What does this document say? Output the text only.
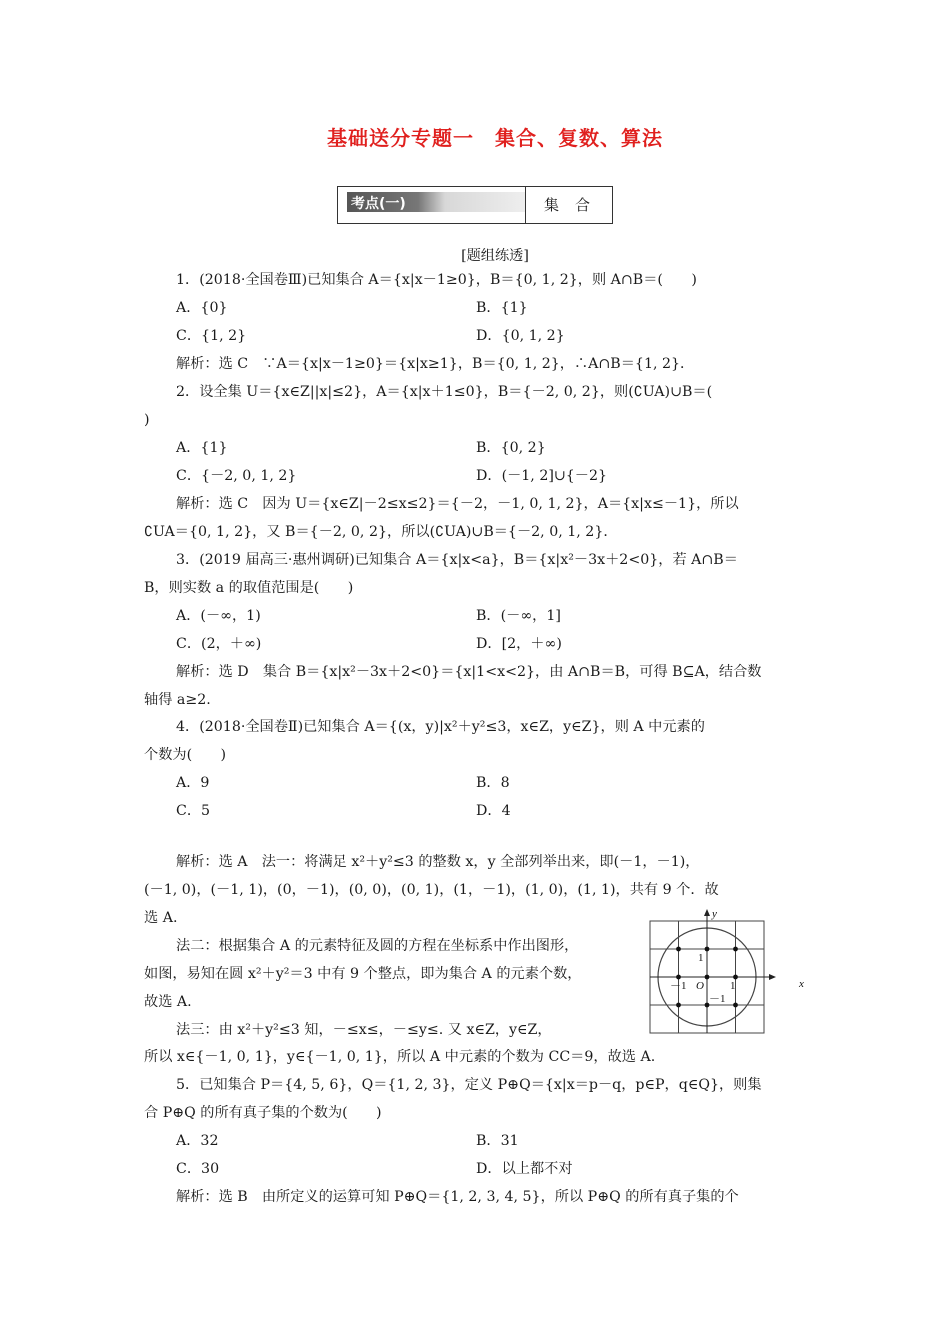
基础送分专题一　集合、复数、算法
考点(一)	集合
[题组练透]
1．(2018·全国卷Ⅲ)已知集合 A＝{x|x－1≥0}，B＝{0, 1, 2}，则 A∩B＝(　　)
A．{0}	B．{1}
C．{1, 2}	D．{0, 1, 2}
解析：选 C　∵A＝{x|x－1≥0}＝{x|x≥1}，B＝{0, 1, 2}，∴A∩B＝{1, 2}．
2．设全集 U＝{x∈Z||x|≤2}，A＝{x|x＋1≤0}，B＝{－2, 0, 2}，则(∁UA)∪B＝(
)
A．{1}	B．{0, 2}
C．{－2, 0, 1, 2}	D．(－1, 2]∪{－2}
解析：选 C　因为 U＝{x∈Z|－2≤x≤2}＝{－2，－1, 0, 1, 2}，A＝{x|x≤－1}，所以
∁UA＝{0, 1, 2}，又 B＝{－2, 0, 2}，所以(∁UA)∪B＝{－2, 0, 1, 2}．
3．(2019 届高三·惠州调研)已知集合 A＝{x|x<a}，B＝{x|x²－3x＋2<0}，若 A∩B＝
B，则实数 a 的取值范围是(　　)
A．(－∞，1)	B．(－∞，1]
C．(2，＋∞)	D．[2，＋∞)
解析：选 D　集合 B＝{x|x²－3x＋2<0}＝{x|1<x<2}，由 A∩B＝B，可得 B⊆A，结合数
轴得 a≥2.
4．(2018·全国卷Ⅱ)已知集合 A＝{(x，y)|x²＋y²≤3，x∈Z，y∈Z}，则 A 中元素的
个数为(　　)
A．9	B．8
C．5	D．4
解析：选 A　法一：将满足 x²＋y²≤3 的整数 x，y 全部列举出来，即(－1，－1)，
(－1, 0)，(－1, 1)，(0，－1)，(0, 0)，(0, 1)，(1，－1)，(1, 0)，(1, 1)，共有 9 个．故
选 A.
法二：根据集合 A 的元素特征及圆的方程在坐标系中作出图形，
如图，易知在圆 x²＋y²＝3 中有 9 个整点，即为集合 A 的元素个数，
故选 A.
法三：由 x²＋y²≤3 知，－≤x≤，－≤y≤. 又 x∈Z，y∈Z，
所以 x∈{－1, 0, 1}，y∈{－1, 0, 1}，所以 A 中元素的个数为 CC＝9，故选 A.
5．已知集合 P＝{4, 5, 6}，Q＝{1, 2, 3}，定义 P⊕Q＝{x|x＝p－q，p∈P，q∈Q}，则集
合 P⊕Q 的所有真子集的个数为(　　)
A．32	B．31
C．30	D．以上都不对
解析：选 B　由所定义的运算可知 P⊕Q＝{1, 2, 3, 4, 5}，所以 P⊕Q 的所有真子集的个
x
y
O 1
－1
1
－1
